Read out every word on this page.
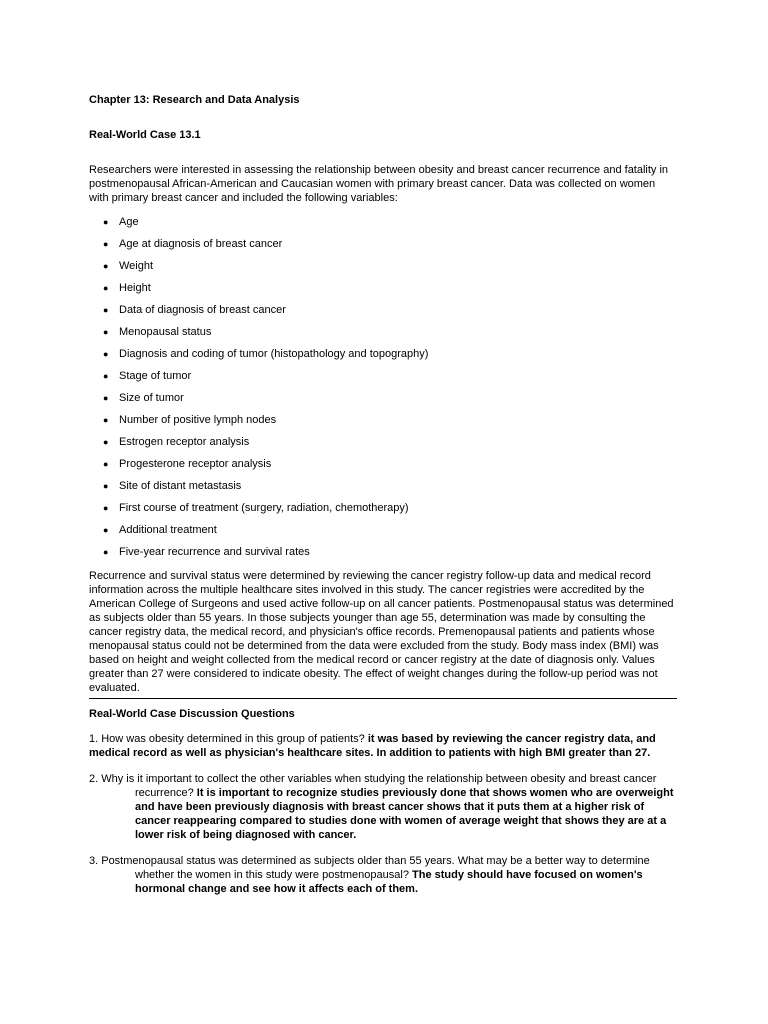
Chapter 13: Research and Data Analysis
Real-World Case 13.1
Researchers were interested in assessing the relationship between obesity and breast cancer recurrence and fatality in postmenopausal African-American and Caucasian women with primary breast cancer. Data was collected on women with primary breast cancer and included the following variables:
● Age
● Age at diagnosis of breast cancer
● Weight
● Height
● Data of diagnosis of breast cancer
● Menopausal status
● Diagnosis and coding of tumor (histopathology and topography)
● Stage of tumor
● Size of tumor
● Number of positive lymph nodes
● Estrogen receptor analysis
● Progesterone receptor analysis
● Site of distant metastasis
● First course of treatment (surgery, radiation, chemotherapy)
● Additional treatment
● Five-year recurrence and survival rates
Recurrence and survival status were determined by reviewing the cancer registry follow-up data and medical record information across the multiple healthcare sites involved in this study. The cancer registries were accredited by the American College of Surgeons and used active follow-up on all cancer patients. Postmenopausal status was determined as subjects older than 55 years. In those subjects younger than age 55, determination was made by consulting the cancer registry data, the medical record, and physician's office records. Premenopausal patients and patients whose menopausal status could not be determined from the data were excluded from the study. Body mass index (BMI) was based on height and weight collected from the medical record or cancer registry at the date of diagnosis only. Values greater than 27 were considered to indicate obesity. The effect of weight changes during the follow-up period was not evaluated.
Real-World Case Discussion Questions
1. How was obesity determined in this group of patients? it was based by reviewing the cancer registry data, and medical record as well as physician's healthcare sites. In addition to patients with high BMI greater than 27.
2. Why is it important to collect the other variables when studying the relationship between obesity and breast cancer
recurrence? It is important to recognize studies previously done that shows women who are overweight and have been previously diagnosis with breast cancer shows that it puts them at a higher risk of cancer reappearing compared to studies done with women of average weight that shows they are at a lower risk of being diagnosed with cancer.
3. Postmenopausal status was determined as subjects older than 55 years. What may be a better way to determine
whether the women in this study were postmenopausal? The study should have focused on women's hormonal change and see how it affects each of them.
